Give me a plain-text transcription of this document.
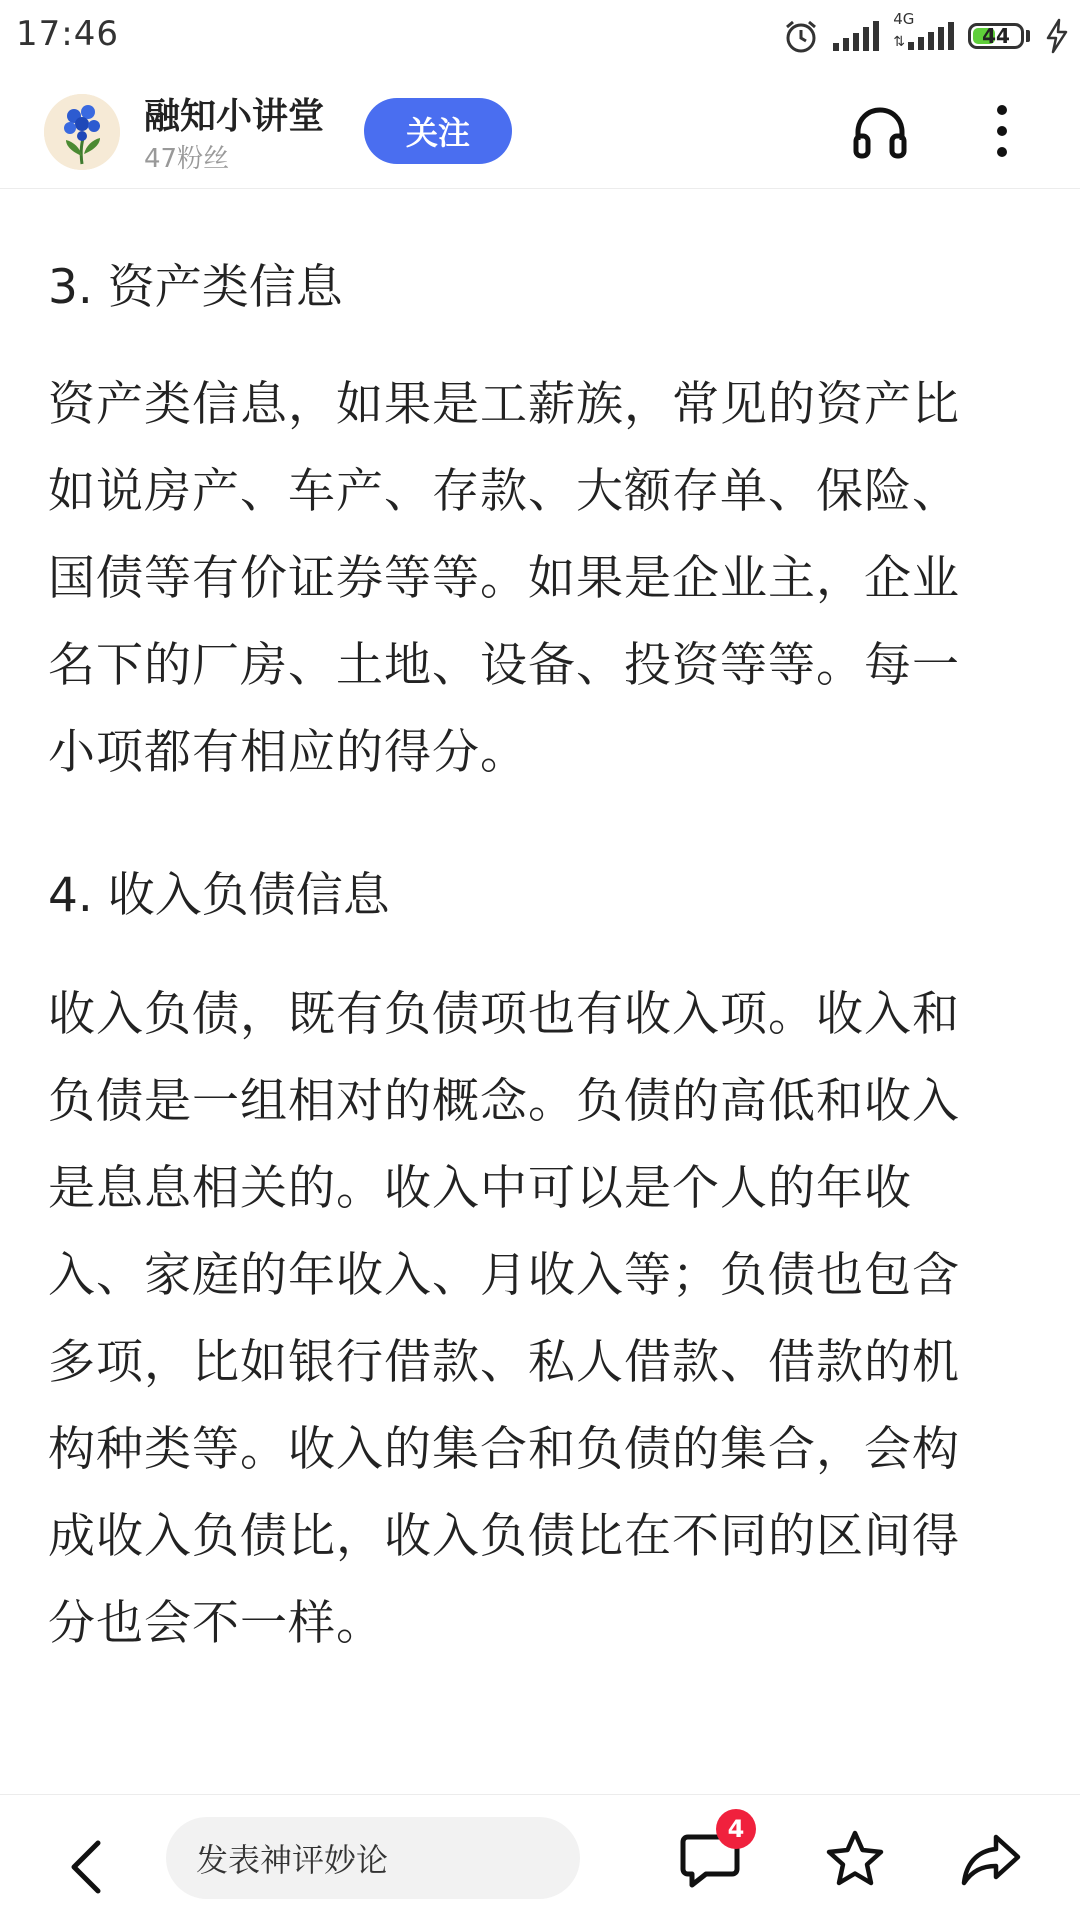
17:46	4G
⇅	44
融知小讲堂
47粉丝
关注
3. 资产类信息
资产类信息，如果是工薪族，常见的资产比
如说房产、车产、存款、大额存单、保险、
国债等有价证券等等。如果是企业主，企业
名下的厂房、土地、设备、投资等等。每一
小项都有相应的得分。
4. 收入负债信息
收入负债，既有负债项也有收入项。收入和
负债是一组相对的概念。负债的高低和收入
是息息相关的。收入中可以是个人的年收
入、家庭的年收入、月收入等；负债也包含
多项，比如银行借款、私人借款、借款的机
构种类等。收入的集合和负债的集合，会构
成收入负债比，收入负债比在不同的区间得
分也会不一样。
发表神评妙论
4
